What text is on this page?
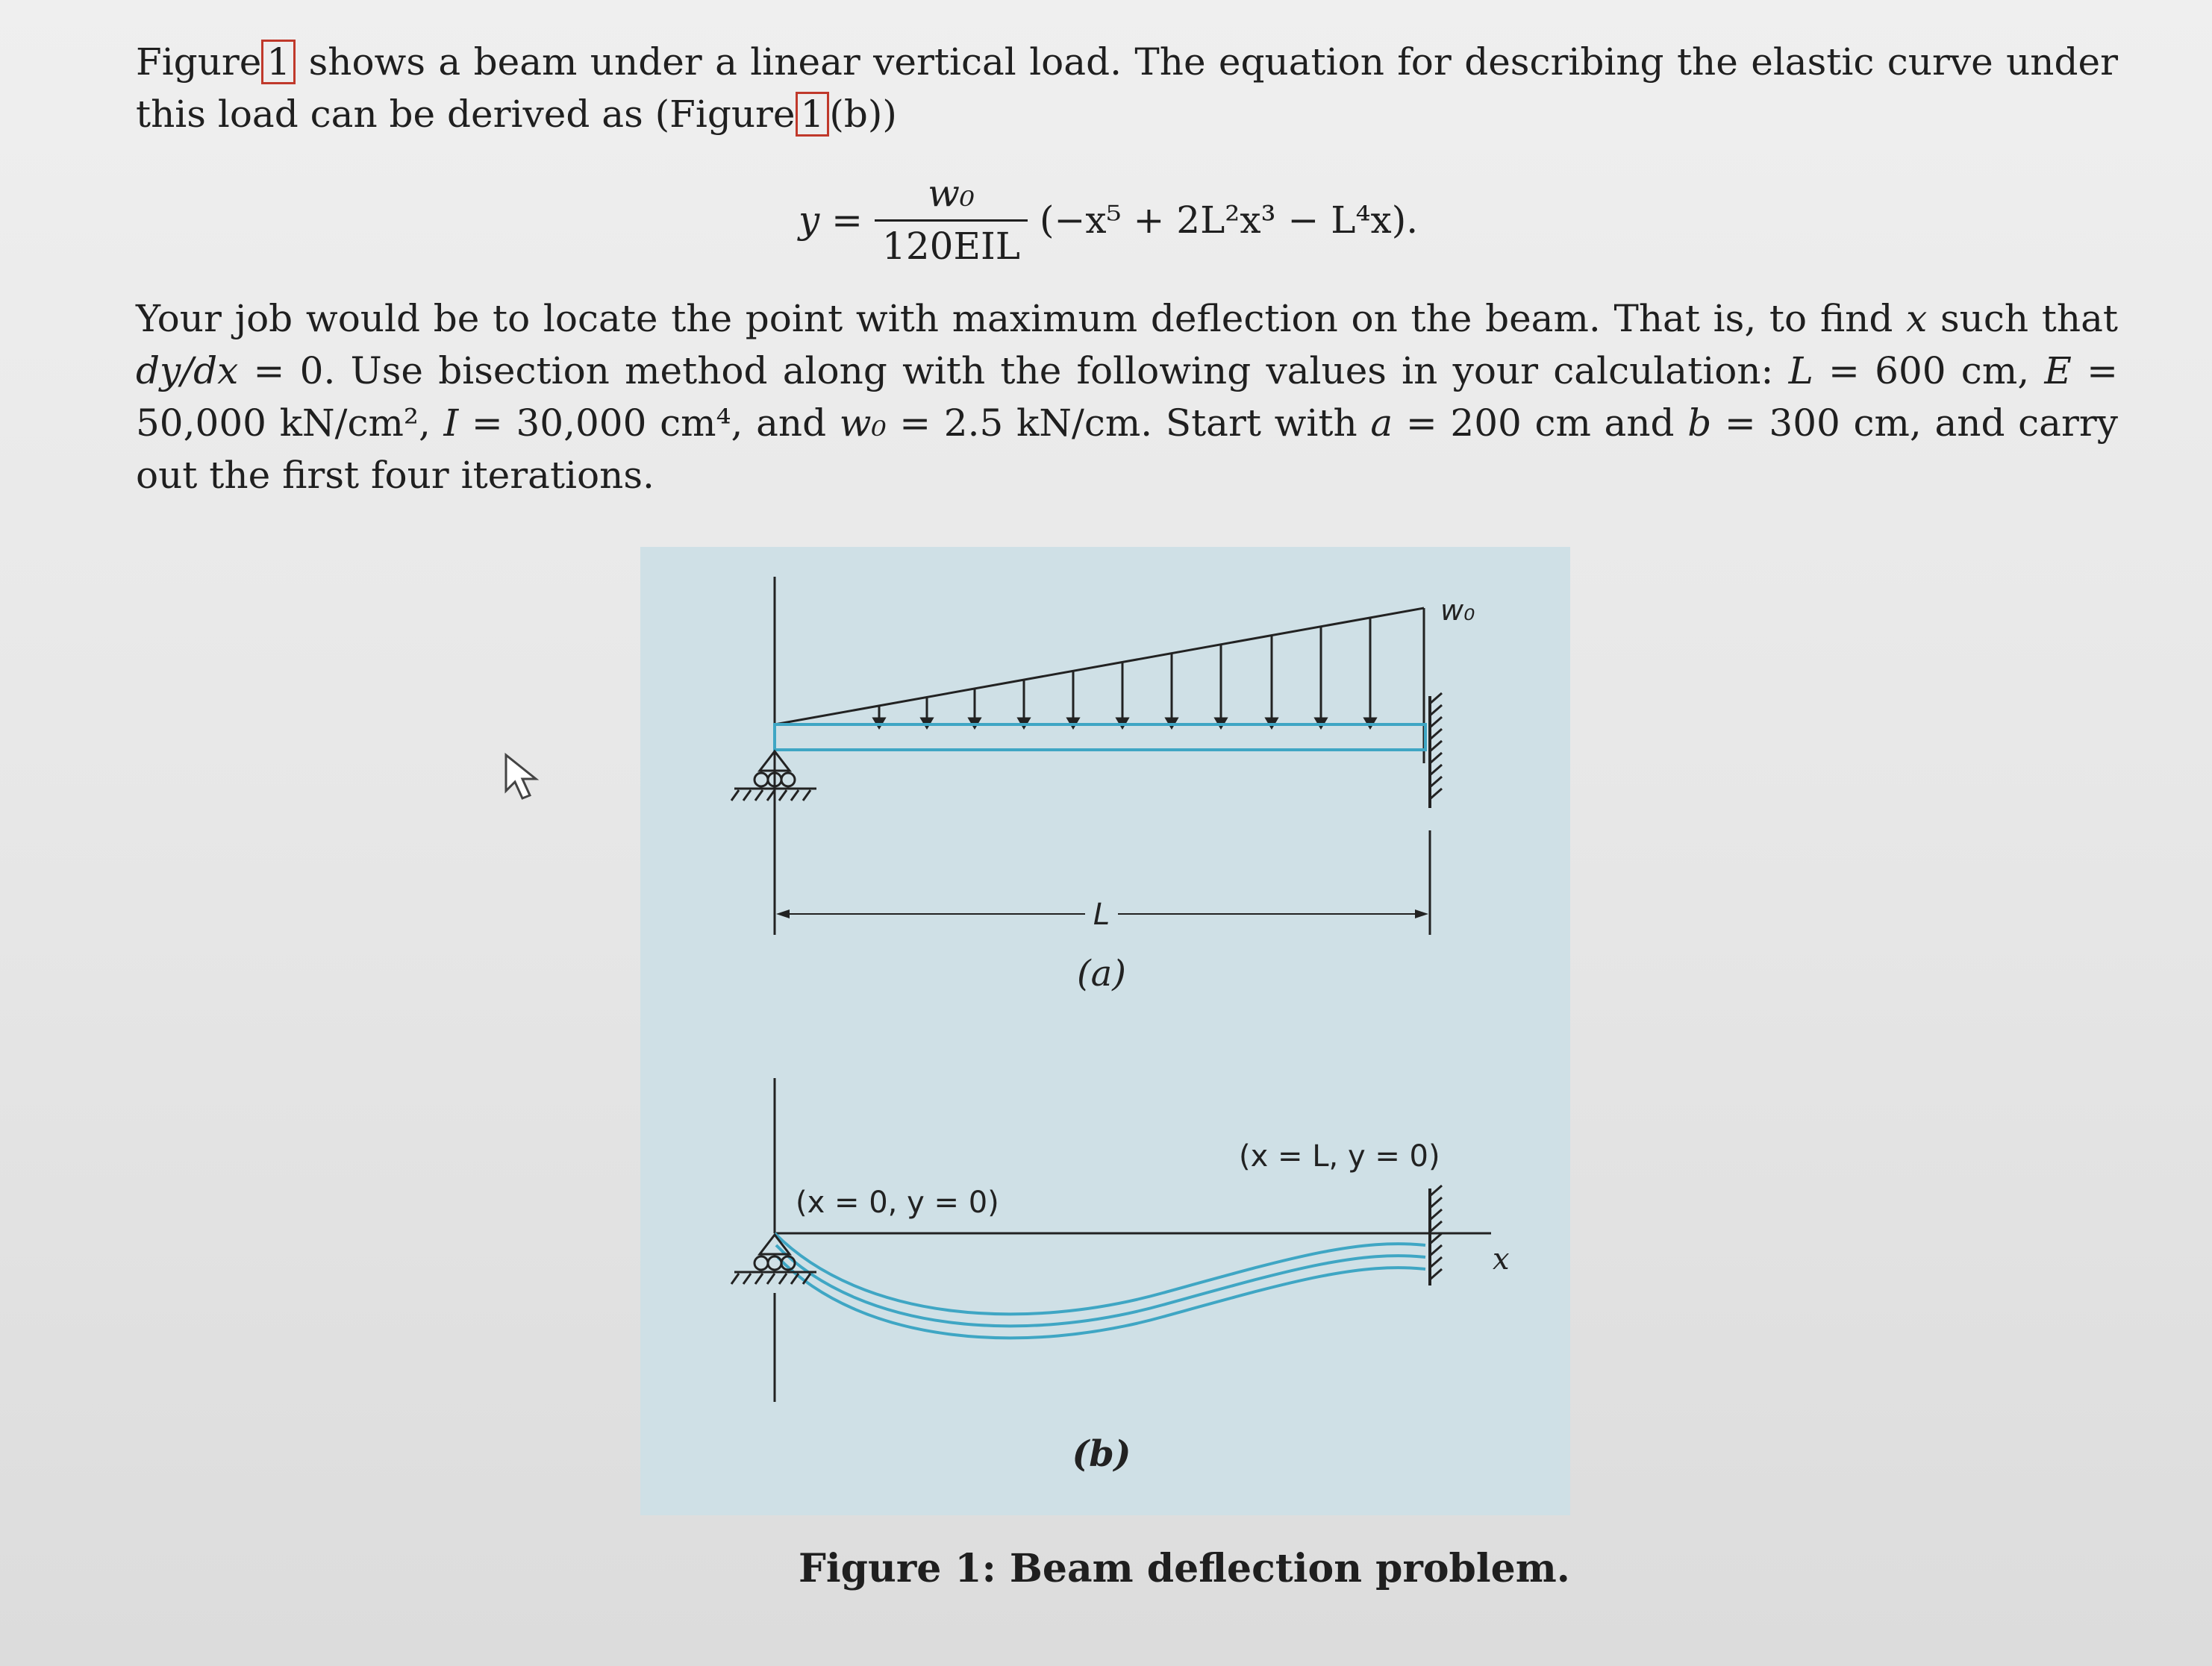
Figure 1 shows a beam under a linear vertical load. The equation for describing the elastic curve under this load can be derived as (Figure 1 (b))
$y = \frac{\text{w₀}}{\text{120EIL}} (-x^5 + 2L^2x^3 - L^4x)$.
Your job would be to locate the point with maximum deflection on the beam. That is, to find x such that dy/dx = 0. Use bisection method along with the following values in your calculation: L = 600 cm, E = 50,000 kN/cm², I = 30,000 cm⁴, and w₀ = 2.5 kN/cm. Start with a = 200 cm and b = 300 cm, and carry out the first four iterations.
w₀
L
(a)
(x = 0, y = 0)
(x = L, y = 0)
x
(b)
Figure 1: Beam deflection problem.
